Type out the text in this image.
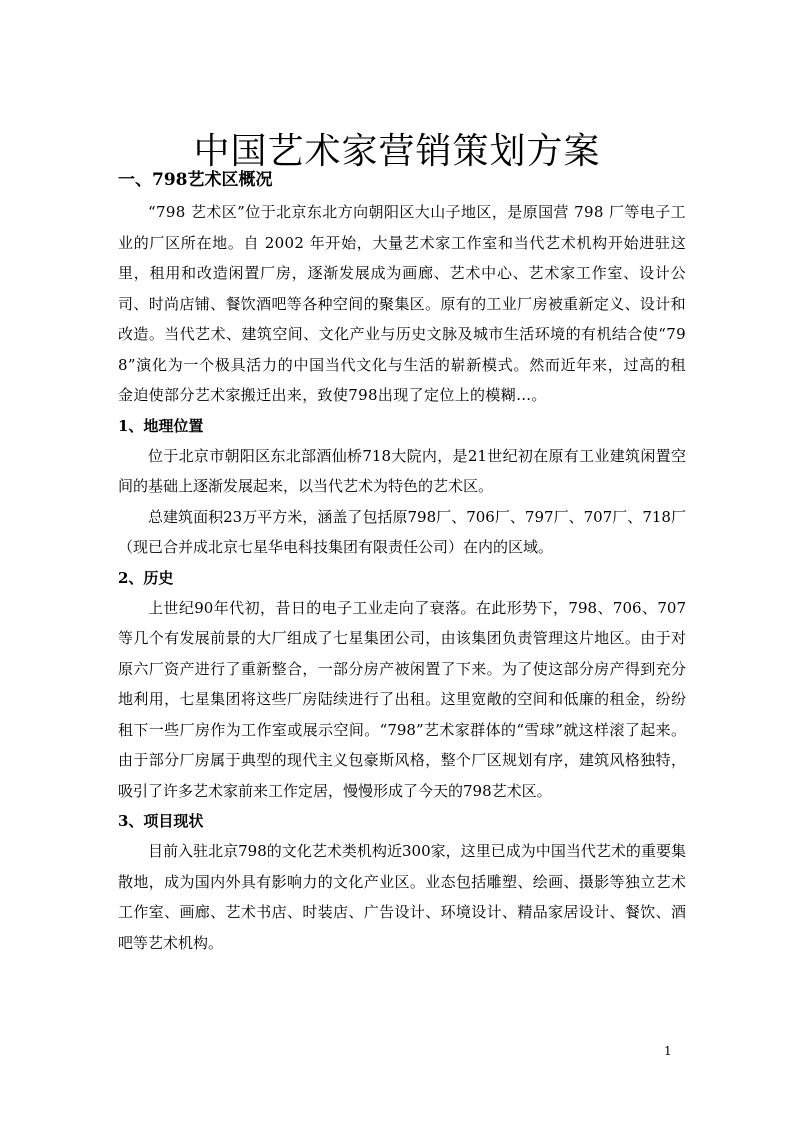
中国艺术家营销策划方案
一、798艺术区概况

“798 艺术区”位于北京东北方向朝阳区大山子地区，是原国营 798 厂等电子工业的厂区所在地。自 2002 年开始，大量艺术家工作室和当代艺术机构开始进驻这里，租用和改造闲置厂房，逐渐发展成为画廊、艺术中心、艺术家工作室、设计公司、时尚店铺、餐饮酒吧等各种空间的聚集区。原有的工业厂房被重新定义、设计和改造。当代艺术、建筑空间、文化产业与历史文脉及城市生活环境的有机结合使“798”演化为一个极具活力的中国当代文化与生活的崭新模式。然而近年来，过高的租金迫使部分艺术家搬迁出来，致使798出现了定位上的模糊…。

1、地理位置

位于北京市朝阳区东北部酒仙桥718大院内，是21世纪初在原有工业建筑闲置空间的基础上逐渐发展起来，以当代艺术为特色的艺术区。

总建筑面积23万平方米，涵盖了包括原798厂、706厂、797厂、707厂、718厂（现已合并成北京七星华电科技集团有限责任公司）在内的区域。

2、历史

上世纪90年代初，昔日的电子工业走向了衰落。在此形势下，798、706、707等几个有发展前景的大厂组成了七星集团公司，由该集团负责管理这片地区。由于对原六厂资产进行了重新整合，一部分房产被闲置了下来。为了使这部分房产得到充分地利用，七星集团将这些厂房陆续进行了出租。这里宽敞的空间和低廉的租金，纷纷租下一些厂房作为工作室或展示空间。“798”艺术家群体的“雪球”就这样滚了起来。由于部分厂房属于典型的现代主义包豪斯风格，整个厂区规划有序，建筑风格独特，吸引了许多艺术家前来工作定居，慢慢形成了今天的798艺术区。

3、项目现状

目前入驻北京798的文化艺术类机构近300家，这里已成为中国当代艺术的重要集散地，成为国内外具有影响力的文化产业区。业态包括雕塑、绘画、摄影等独立艺术工作室、画廊、艺术书店、时装店、广告设计、环境设计、精品家居设计、餐饮、酒吧等艺术机构。

1
